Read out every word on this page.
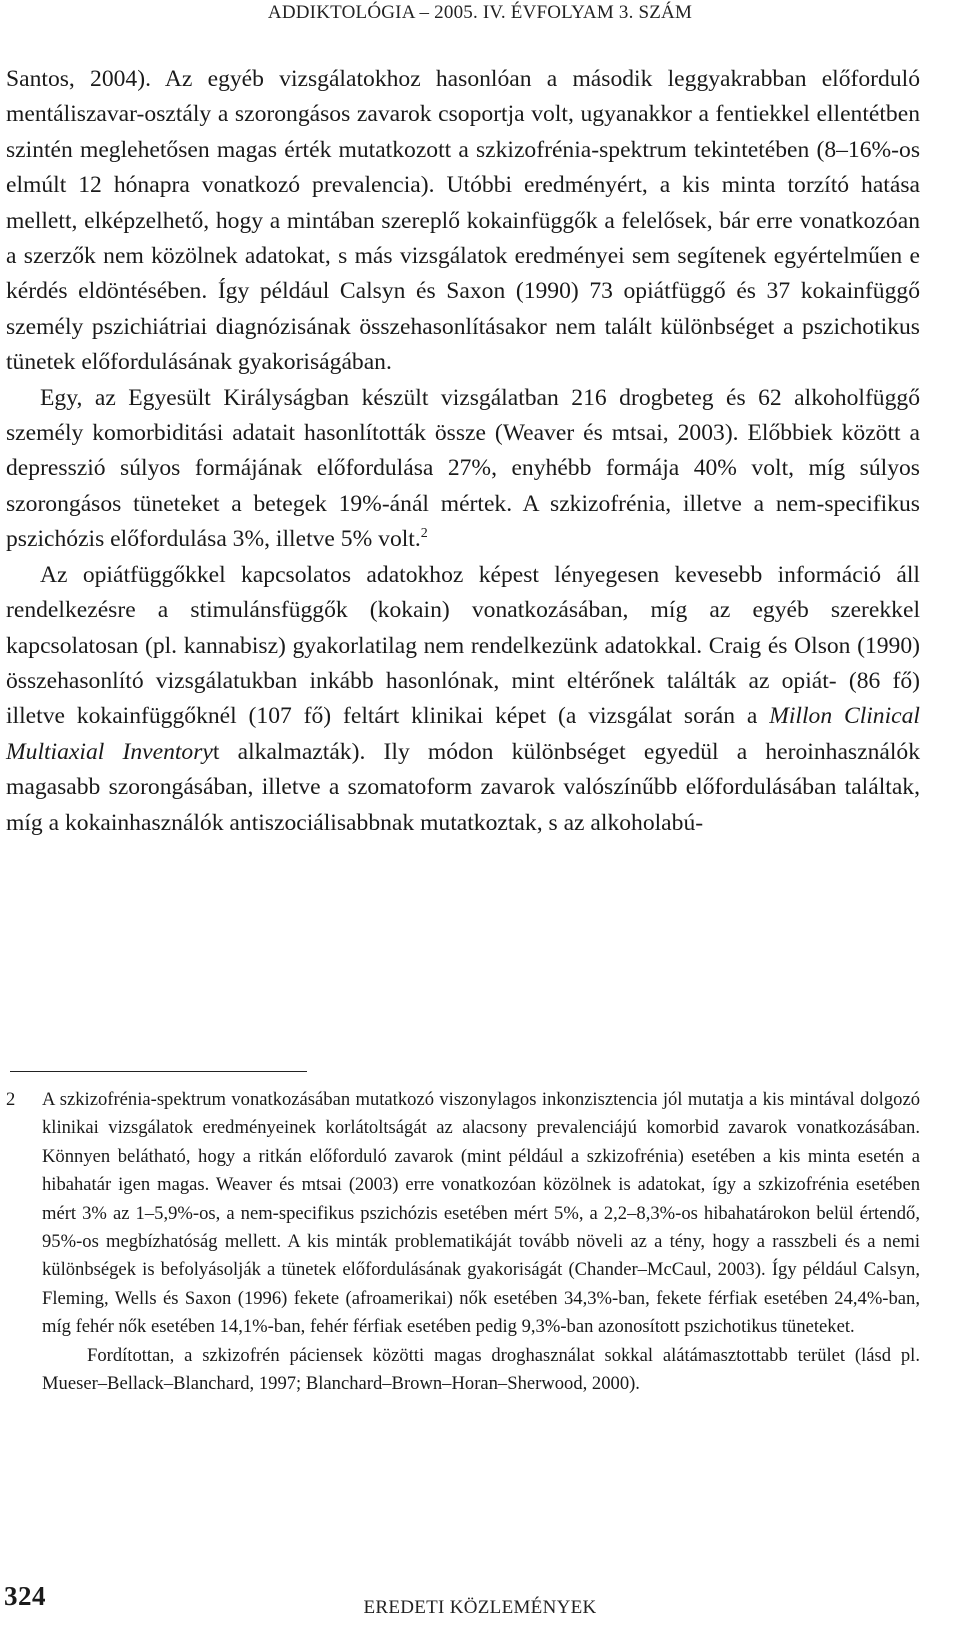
ADDIKTOLÓGIA – 2005. IV. ÉVFOLYAM 3. SZÁM

Santos, 2004). Az egyéb vizsgálatokhoz hasonlóan a második leggyakrabban előforduló mentáliszavar-osztály a szorongásos zavarok csoportja volt, ugyanakkor a fentiekkel ellentétben szintén meglehetősen magas érték mutatkozott a szkizofrénia-spektrum tekintetében (8–16%-os elmúlt 12 hónapra vonatkozó prevalencia). Utóbbi eredményért, a kis minta torzító hatása mellett, elképzelhető, hogy a mintában szereplő kokainfüggők a felelősek, bár erre vonatkozóan a szerzők nem közölnek adatokat, s más vizsgálatok eredményei sem segítenek egyértelműen e kérdés eldöntésében. Így például Calsyn és Saxon (1990) 73 opiátfüggő és 37 kokainfüggő személy pszichiátriai diagnózisának összehasonlításakor nem talált különbséget a pszichotikus tünetek előfordulásának gyakoriságában.

Egy, az Egyesült Királyságban készült vizsgálatban 216 drogbeteg és 62 alkoholfüggő személy komorbiditási adatait hasonlították össze (Weaver és mtsai, 2003). Előbbiek között a depresszió súlyos formájának előfordulása 27%, enyhébb formája 40% volt, míg súlyos szorongásos tüneteket a betegek 19%-ánál mértek. A szkizofrénia, illetve a nem-specifikus pszichózis előfordulása 3%, illetve 5% volt.$^2$

Az opiátfüggőkkel kapcsolatos adatokhoz képest lényegesen kevesebb információ áll rendelkezésre a stimulánsfüggők (kokain) vonatkozásában, míg az egyéb szerekkel kapcsolatosan (pl. kannabisz) gyakorlatilag nem rendelkezünk adatokkal. Craig és Olson (1990) összehasonlító vizsgálatukban inkább hasonlónak, mint eltérőnek találták az opiát- (86 fő) illetve kokainfüggőknél (107 fő) feltárt klinikai képet (a vizsgálat során a Millon Clinical Multiaxial Inventoryt alkalmazták). Ily módon különbséget egyedül a heroinhasználók magasabb szorongásában, illetve a szomatoform zavarok valószínűbb előfordulásában találtak, míg a kokainhasználók antiszociálisabbnak mutatkoztak, s az alkoholabú-

2 A szkizofrénia-spektrum vonatkozásában mutatkozó viszonylagos inkonzisztencia jól mutatja a kis mintával dolgozó klinikai vizsgálatok eredményeinek korlátoltságát az alacsony prevalenciájú komorbid zavarok vonatkozásában. Könnyen belátható, hogy a ritkán előforduló zavarok (mint például a szkizofrénia) esetében a kis minta esetén a hibahatár igen magas. Weaver és mtsai (2003) erre vonatkozóan közölnek is adatokat, így a szkizofrénia esetében mért 3% az 1–5,9%-os, a nem-specifikus pszichózis esetében mért 5%, a 2,2–8,3%-os hibahatárokon belül értendő, 95%-os megbízhatóság mellett. A kis minták problematikáját tovább növeli az a tény, hogy a rasszbeli és a nemi különbségek is befolyásolják a tünetek előfordulásának gyakoriságát (Chander–McCaul, 2003). Így például Calsyn, Fleming, Wells és Saxon (1996) fekete (afroamerikai) nők esetében 34,3%-ban, fekete férfiak esetében 24,4%-ban, míg fehér nők esetében 14,1%-ban, fehér férfiak esetében pedig 9,3%-ban azonosított pszichotikus tüneteket.

Fordítottan, a szkizofrén páciensek közötti magas droghasználat sokkal alátámasztottabb terület (lásd pl. Mueser–Bellack–Blanchard, 1997; Blanchard–Brown–Horan–Sherwood, 2000).

324	EREDETI KÖZLEMÉNYEK
